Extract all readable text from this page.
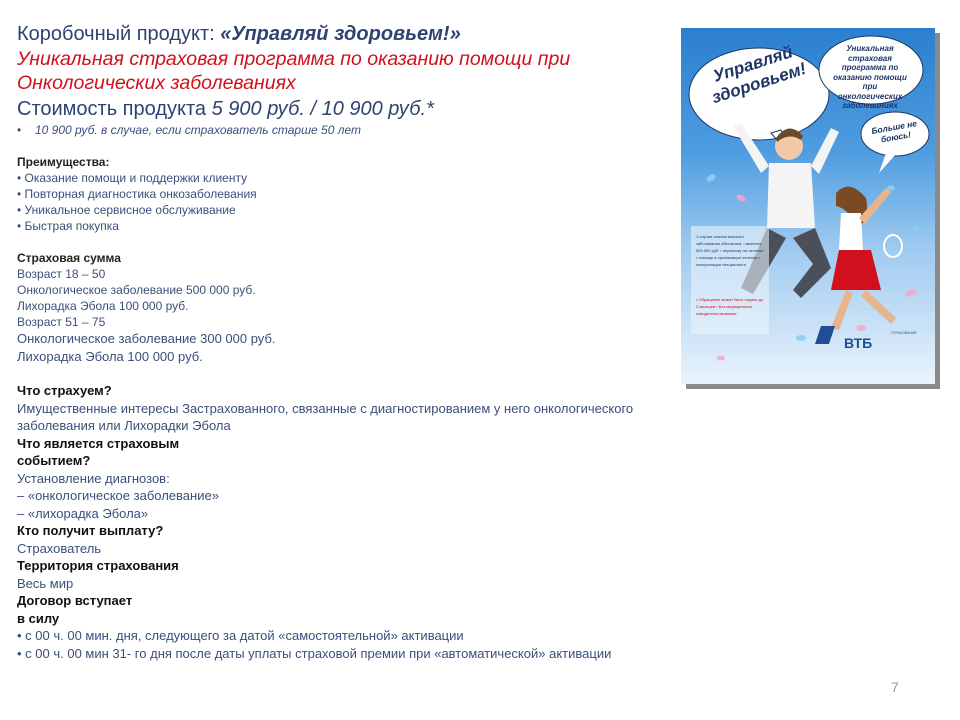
Коробочный продукт: «Управляй здоровьем!»
Уникальная страховая программа по оказанию помощи при Онкологических заболеваниях
Стоимость продукта 5 900 руб. / 10 900 руб.*
•	10 900 руб. в случае, если страхователь старше 50 лет
Преимущества:
• Оказание помощи и поддержки клиенту
• Повторная диагностика онкозаболевания
• Уникальное сервисное обслуживание
• Быстрая покупка
Страховая сумма
Возраст 18 – 50
Онкологическое заболевание 500 000 руб.
Лихорадка Эбола 100 000 руб.
Возраст 51 – 75
Онкологическое заболевание 300 000 руб.
Лихорадка Эбола 100 000 руб.
Что страхуем?
Имущественные интересы Застрахованного, связанные с диагностированием у него онкологического заболевания или Лихорадки Эбола
Что является страховым
событием?
Установление диагнозов:
– «онкологическое заболевание»
– «лихорадка Эбола»
Кто получит выплату?
Страхователь
Территория страхования
Весь мир
Договор вступает
в силу
• с 00 ч. 00 мин. дня, следующего за датой «самостоятельной» активации
• с 00 ч. 00 мин 31- го дня после даты уплаты страховой премии при «автоматической» активации
Управляй здоровьем!
Уникальная страховая программа по оказанию помощи при онкологических заболеваниях
Больше не боюсь!
1 случае онкологического заболевания обеспечим: • выплату 500 000 руб. • перевозку на лечение • помощь в организации лечения • консультации специалиста
• Обращение может быть отдано до 3 месяцев • Без медицинского освидетельствования
ВТБ
СТРАХОВАНИЕ
7
